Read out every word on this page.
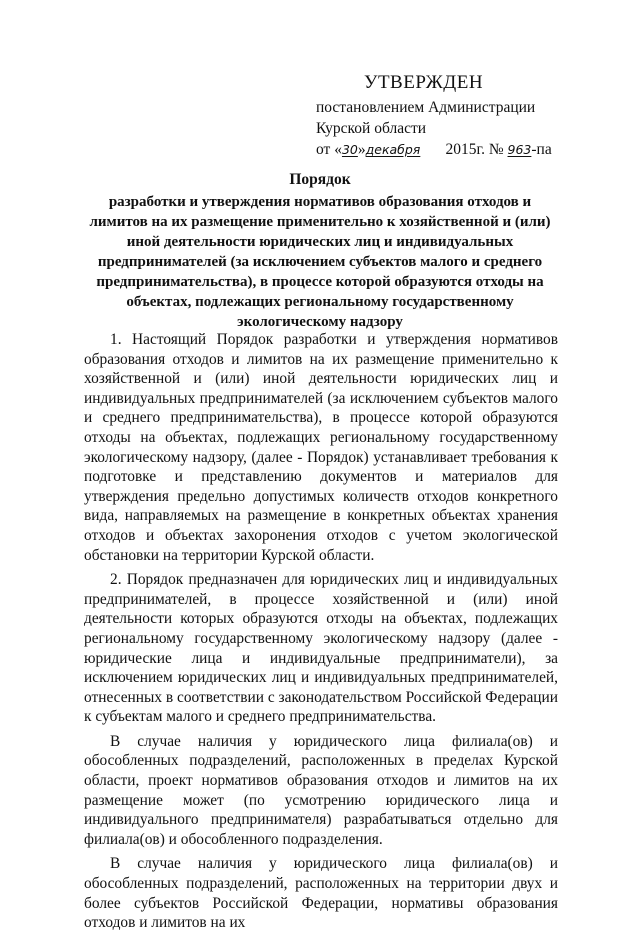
УТВЕРЖДЕН
постановлением Администрации
Курской области
от «30»декабря 2015г. № 963-па
Порядок
разработки и утверждения нормативов образования отходов и лимитов на их размещение применительно к хозяйственной и (или) иной деятельности юридических лиц и индивидуальных предпринимателей (за исключением субъектов малого и среднего предпринимательства), в процессе которой образуются отходы на объектах, подлежащих региональному государственному экологическому надзору

1. Настоящий Порядок разработки и утверждения нормативов образования отходов и лимитов на их размещение применительно к хозяйственной и (или) иной деятельности юридических лиц и индивидуальных предпринимателей (за исключением субъектов малого и среднего предпринимательства), в процессе которой образуются отходы на объектах, подлежащих региональному государственному экологическому надзору, (далее - Порядок) устанавливает требования к подготовке и представлению документов и материалов для утверждения предельно допустимых количеств отходов конкретного вида, направляемых на размещение в конкретных объектах хранения отходов и объектах захоронения отходов с учетом экологической обстановки на территории Курской области.

2. Порядок предназначен для юридических лиц и индивидуальных предпринимателей, в процессе хозяйственной и (или) иной деятельности которых образуются отходы на объектах, подлежащих региональному государственному экологическому надзору (далее - юридические лица и индивидуальные предприниматели), за исключением юридических лиц и индивидуальных предпринимателей, отнесенных в соответствии с законодательством Российской Федерации к субъектам малого и среднего предпринимательства.

В случае наличия у юридического лица филиала(ов) и обособленных подразделений, расположенных в пределах Курской области, проект нормативов образования отходов и лимитов на их размещение может (по усмотрению юридического лица и индивидуального предпринимателя) разрабатываться отдельно для филиала(ов) и обособленного подразделения.

В случае наличия у юридического лица филиала(ов) и обособленных подразделений, расположенных на территории двух и более субъектов Российской Федерации, нормативы образования отходов и лимитов на их
